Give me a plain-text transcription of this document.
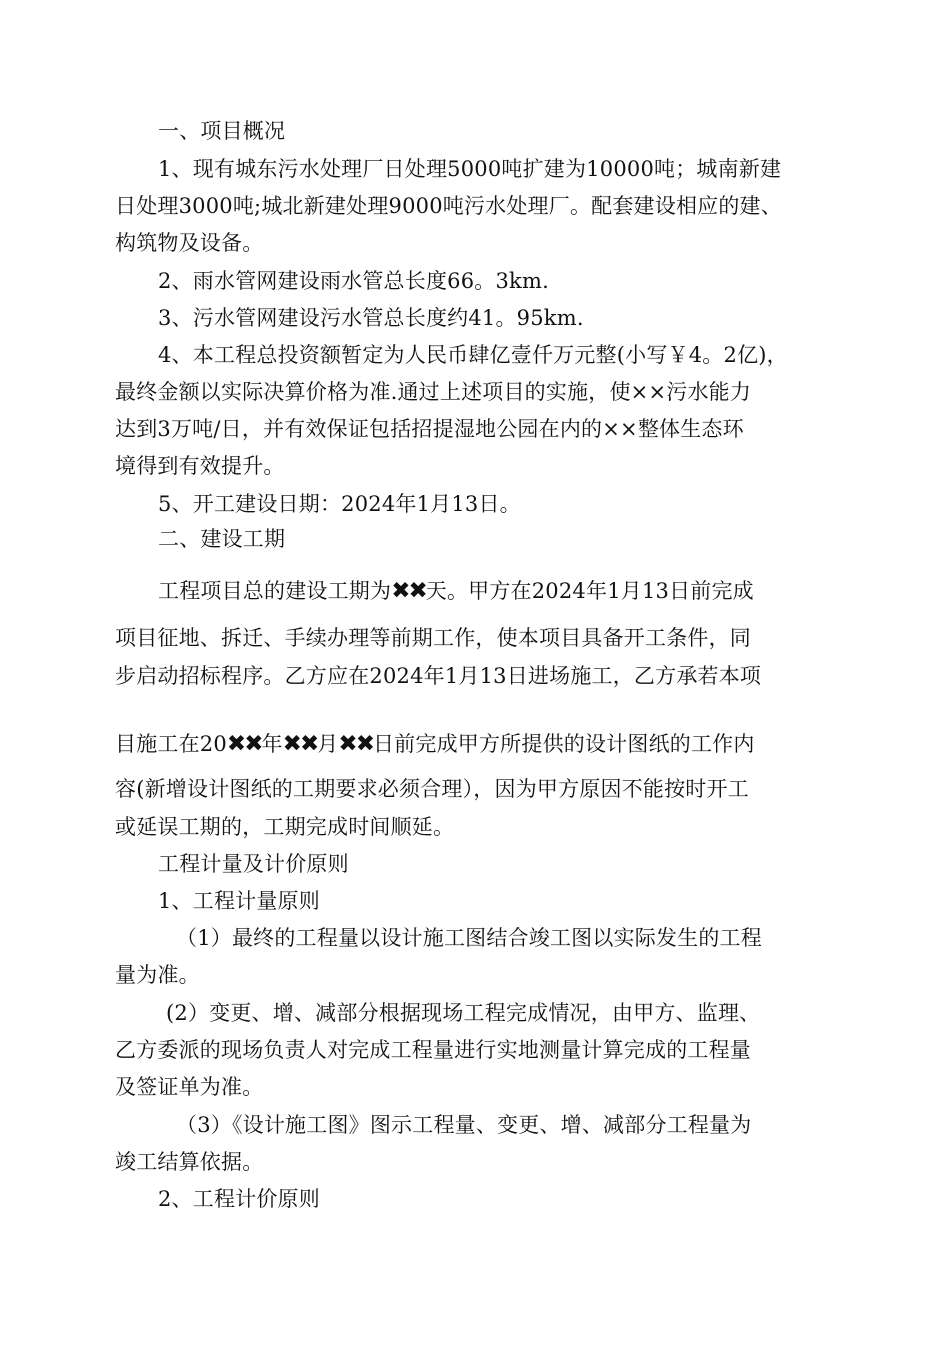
一、项目概况
1、现有城东污水处理厂日处理5000吨扩建为10000吨；城南新建
日处理3000吨;城北新建处理9000吨污水处理厂。配套建设相应的建、
构筑物及设备。
2、雨水管网建设雨水管总长度66。3km.
3、污水管网建设污水管总长度约41。95km.
4、本工程总投资额暂定为人民币肆亿壹仟万元整(小写￥4。2亿)，
最终金额以实际决算价格为准.通过上述项目的实施，使××污水能力
达到3万吨/日，并有效保证包括招提湿地公园在内的××整体生态环
境得到有效提升。
5、开工建设日期：2024年1月13日。
二、建设工期
工程项目总的建设工期为✖✖天。甲方在2024年1月13日前完成
项目征地、拆迁、手续办理等前期工作，使本项目具备开工条件，同
步启动招标程序。乙方应在2024年1月13日进场施工，乙方承若本项
目施工在20✖✖年✖✖月✖✖日前完成甲方所提供的设计图纸的工作内
容(新增设计图纸的工期要求必须合理），因为甲方原因不能按时开工
或延误工期的，工期完成时间顺延。
工程计量及计价原则
1、工程计量原则
（1）最终的工程量以设计施工图结合竣工图以实际发生的工程
量为准。
(2）变更、增、减部分根据现场工程完成情况，由甲方、监理、
乙方委派的现场负责人对完成工程量进行实地测量计算完成的工程量
及签证单为准。
（3）《设计施工图》图示工程量、变更、增、减部分工程量为
竣工结算依据。
2、工程计价原则
